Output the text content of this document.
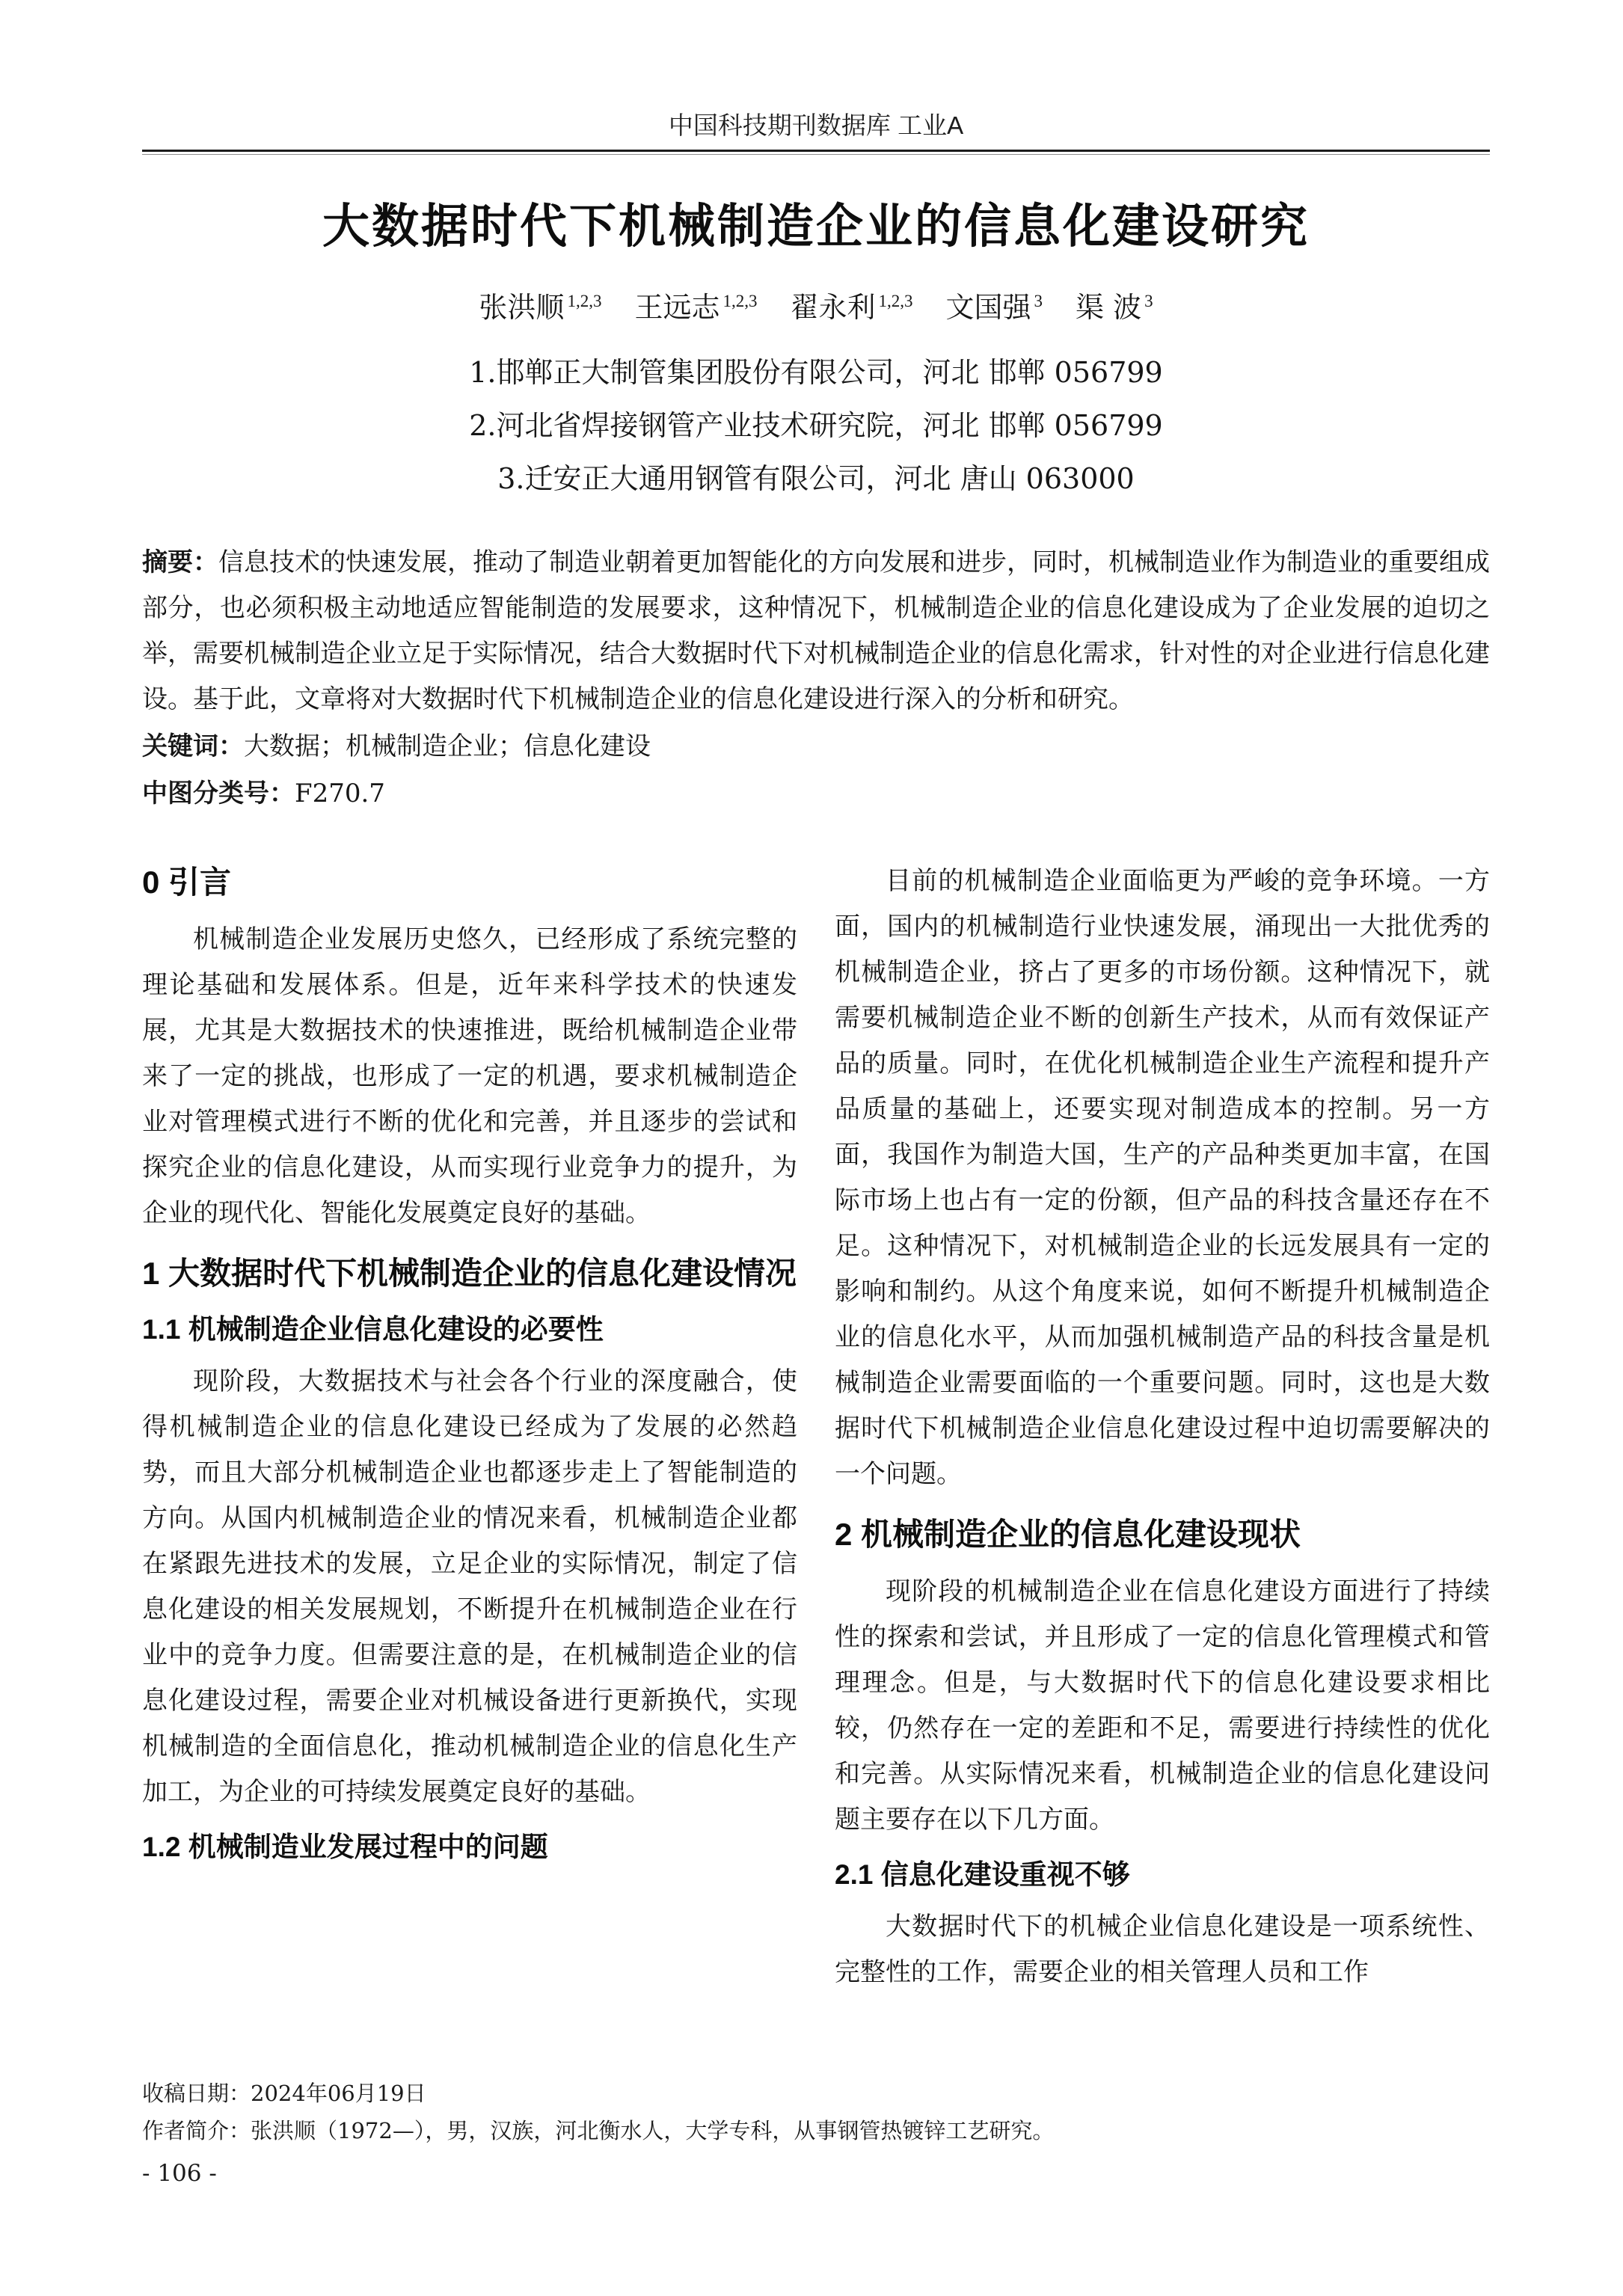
中国科技期刊数据库 工业A
大数据时代下机械制造企业的信息化建设研究
张洪顺 $^{1,2,3}$ 王远志 $^{1,2,3}$ 翟永利 $^{1,2,3}$ 文国强 $^3$ 渠 波 $^3$
1.邯郸正大制管集团股份有限公司，河北 邯郸 056799
2.河北省焊接钢管产业技术研究院，河北 邯郸 056799
3.迁安正大通用钢管有限公司，河北 唐山 063000

摘要：信息技术的快速发展，推动了制造业朝着更加智能化的方向发展和进步，同时，机械制造业作为制造业的重要组成部分，也必须积极主动地适应智能制造的发展要求，这种情况下，机械制造企业的信息化建设成为了企业发展的迫切之举，需要机械制造企业立足于实际情况，结合大数据时代下对机械制造企业的信息化需求，针对性的对企业进行信息化建设。基于此，文章将对大数据时代下机械制造企业的信息化建设进行深入的分析和研究。

关键词：大数据；机械制造企业；信息化建设

中图分类号：F270.7

0 引言

机械制造企业发展历史悠久，已经形成了系统完整的理论基础和发展体系。但是，近年来科学技术的快速发展，尤其是大数据技术的快速推进，既给机械制造企业带来了一定的挑战，也形成了一定的机遇，要求机械制造企业对管理模式进行不断的优化和完善，并且逐步的尝试和探究企业的信息化建设，从而实现行业竞争力的提升，为企业的现代化、智能化发展奠定良好的基础。

1 大数据时代下机械制造企业的信息化建设情况
1.1 机械制造企业信息化建设的必要性

现阶段，大数据技术与社会各个行业的深度融合，使得机械制造企业的信息化建设已经成为了发展的必然趋势，而且大部分机械制造企业也都逐步走上了智能制造的方向。从国内机械制造企业的情况来看，机械制造企业都在紧跟先进技术的发展，立足企业的实际情况，制定了信息化建设的相关发展规划，不断提升在机械制造企业在行业中的竞争力度。但需要注意的是，在机械制造企业的信息化建设过程，需要企业对机械设备进行更新换代，实现机械制造的全面信息化，推动机械制造企业的信息化生产加工，为企业的可持续发展奠定良好的基础。

1.2 机械制造业发展过程中的问题

目前的机械制造企业面临更为严峻的竞争环境。一方面，国内的机械制造行业快速发展，涌现出一大批优秀的机械制造企业，挤占了更多的市场份额。这种情况下，就需要机械制造企业不断的创新生产技术，从而有效保证产品的质量。同时，在优化机械制造企业生产流程和提升产品质量的基础上，还要实现对制造成本的控制。另一方面，我国作为制造大国，生产的产品种类更加丰富，在国际市场上也占有一定的份额，但产品的科技含量还存在不足。这种情况下，对机械制造企业的长远发展具有一定的影响和制约。从这个角度来说，如何不断提升机械制造企业的信息化水平，从而加强机械制造产品的科技含量是机械制造企业需要面临的一个重要问题。同时，这也是大数据时代下机械制造企业信息化建设过程中迫切需要解决的一个问题。

2 机械制造企业的信息化建设现状

现阶段的机械制造企业在信息化建设方面进行了持续性的探索和尝试，并且形成了一定的信息化管理模式和管理理念。但是，与大数据时代下的信息化建设要求相比较，仍然存在一定的差距和不足，需要进行持续性的优化和完善。从实际情况来看，机械制造企业的信息化建设问题主要存在以下几方面。

2.1 信息化建设重视不够

大数据时代下的机械企业信息化建设是一项系统性、完整性的工作，需要企业的相关管理人员和工作

收稿日期：2024年06月19日
作者简介：张洪顺（1972—），男，汉族，河北衡水人，大学专科，从事钢管热镀锌工艺研究。
- 106 -
